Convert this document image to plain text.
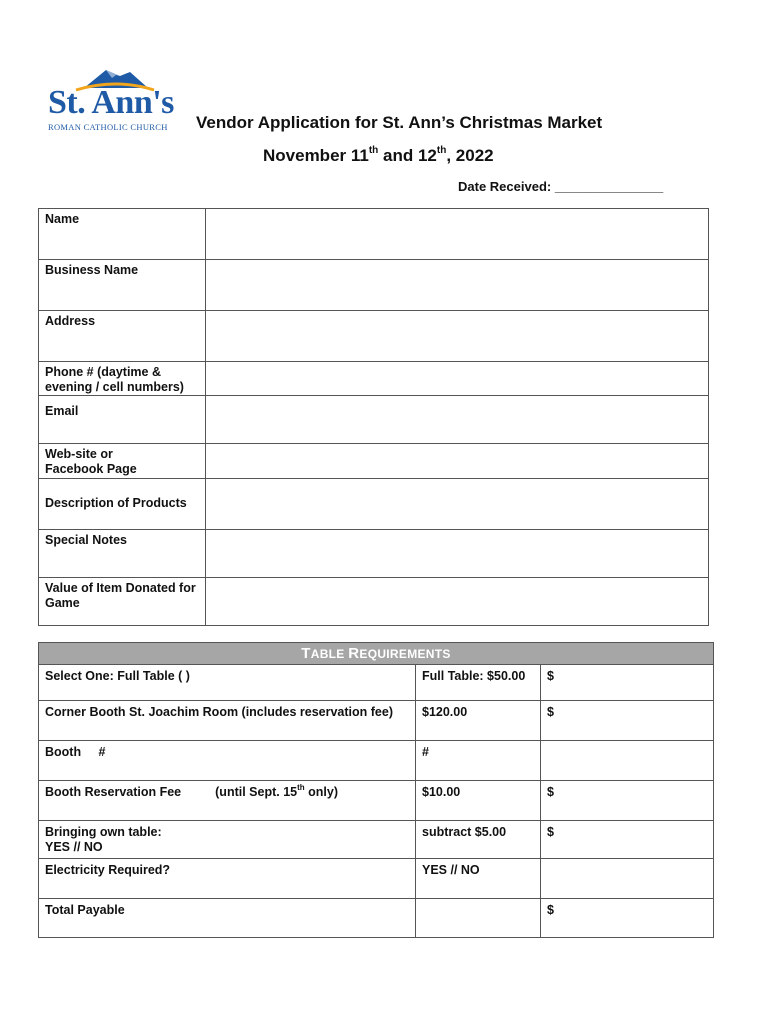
St. Ann's
ROMAN CATHOLIC CHURCH Vendor Application for St. Ann’s Christmas Market
November 11th and 12th, 2022
Date Received: _______________
Name	

Business Name	

Address	

Phone # (daytime &
evening / cell numbers)	

Email	

Web-site or
Facebook Page	

Description of Products	

Special Notes	

Value of Item Donated for
Game	

TABLE REQUIREMENTS		
Select One: Full Table ( )	Full Table: $50.00	$
Corner Booth St. Joachim Room (includes reservation fee)	$120.00	$
Booth     #	#	
Booth Reservation Fee (until Sept. 15th only)	$10.00	$

Bringing own table:
YES // NO	subtract $5.00	$
Electricity Required?	YES // NO	
Total Payable		$
